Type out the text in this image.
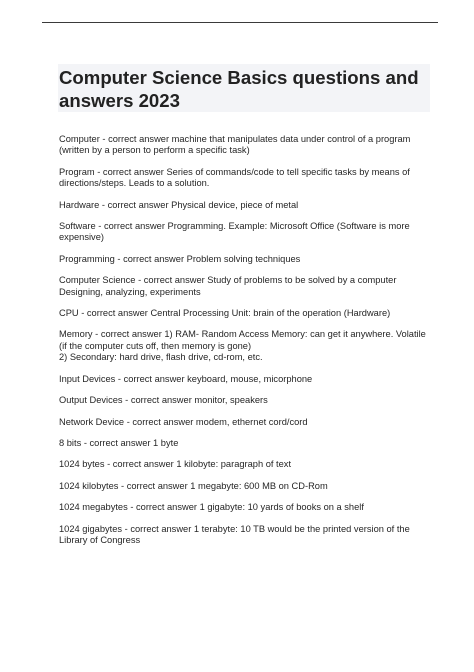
Computer Science Basics questions and answers 2023
Computer - correct answer machine that manipulates data under control of a program (written by a person to perform a specific task)
Program - correct answer Series of commands/code to tell specific tasks by means of directions/steps. Leads to a solution.
Hardware - correct answer Physical device, piece of metal
Software - correct answer Programming. Example: Microsoft Office (Software is more expensive)
Programming - correct answer Problem solving techniques
Computer Science - correct answer Study of problems to be solved by a computer
Designing, analyzing, experiments
CPU - correct answer Central Processing Unit: brain of the operation (Hardware)
Memory - correct answer 1) RAM- Random Access Memory: can get it anywhere. Volatile (if the computer cuts off, then memory is gone)
2) Secondary: hard drive, flash drive, cd-rom, etc.
Input Devices - correct answer keyboard, mouse, micorphone
Output Devices - correct answer monitor, speakers
Network Device - correct answer modem, ethernet cord/cord
8 bits - correct answer 1 byte
1024 bytes - correct answer 1 kilobyte: paragraph of text
1024 kilobytes - correct answer 1 megabyte: 600 MB on CD-Rom
1024 megabytes - correct answer 1 gigabyte: 10 yards of books on a shelf
1024 gigabytes - correct answer 1 terabyte: 10 TB would be the printed version of the Library of Congress
